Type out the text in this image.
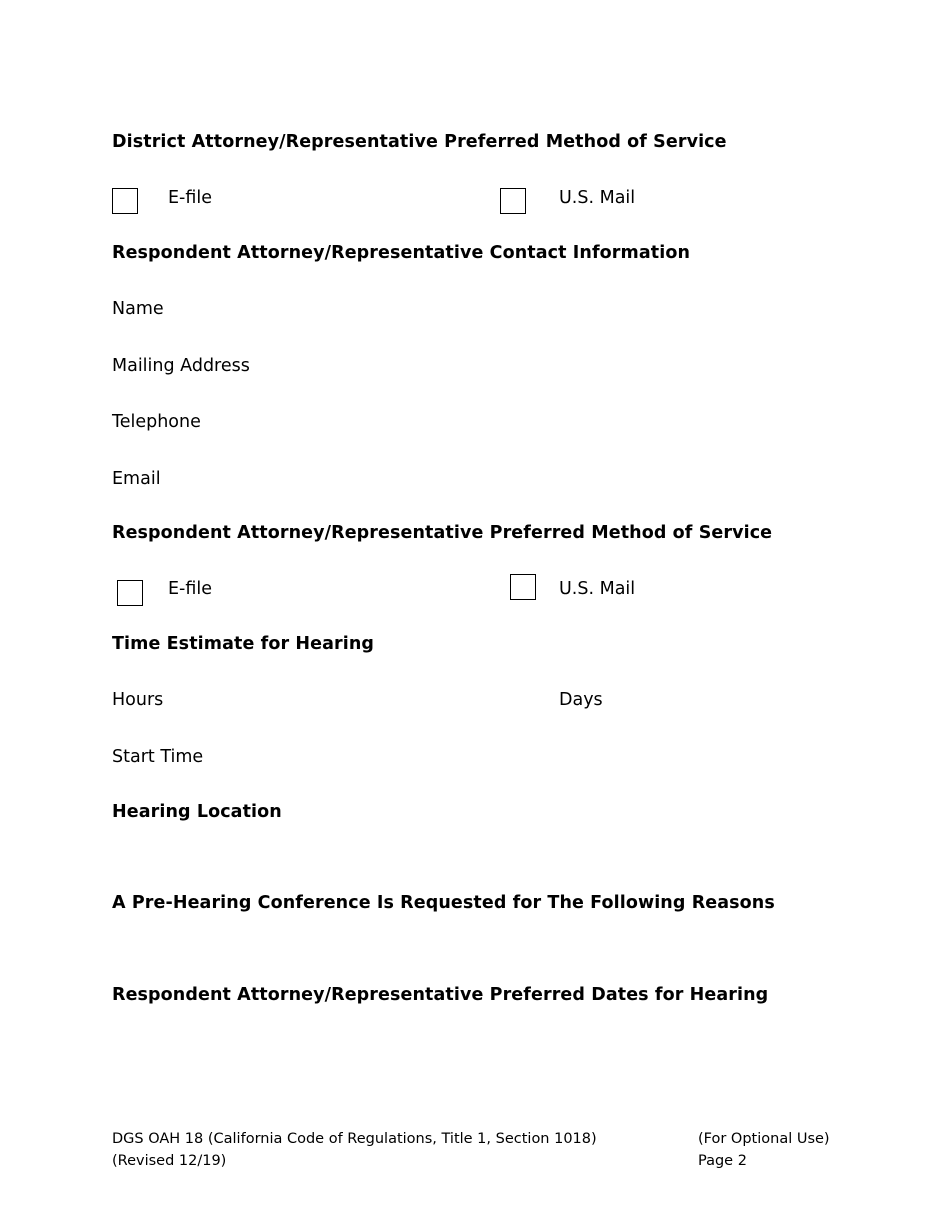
District Attorney/Representative Preferred Method of Service
E-file	U.S. Mail
Respondent Attorney/Representative Contact Information
Name
Mailing Address
Telephone
Email
Respondent Attorney/Representative Preferred Method of Service
E-file	U.S. Mail
Time Estimate for Hearing
Hours	Days
Start Time
Hearing Location
A Pre-Hearing Conference Is Requested for The Following Reasons
Respondent Attorney/Representative Preferred Dates for Hearing
DGS OAH 18 (California Code of Regulations, Title 1, Section 1018)
(Revised 12/19)
(For Optional Use)
Page 2
